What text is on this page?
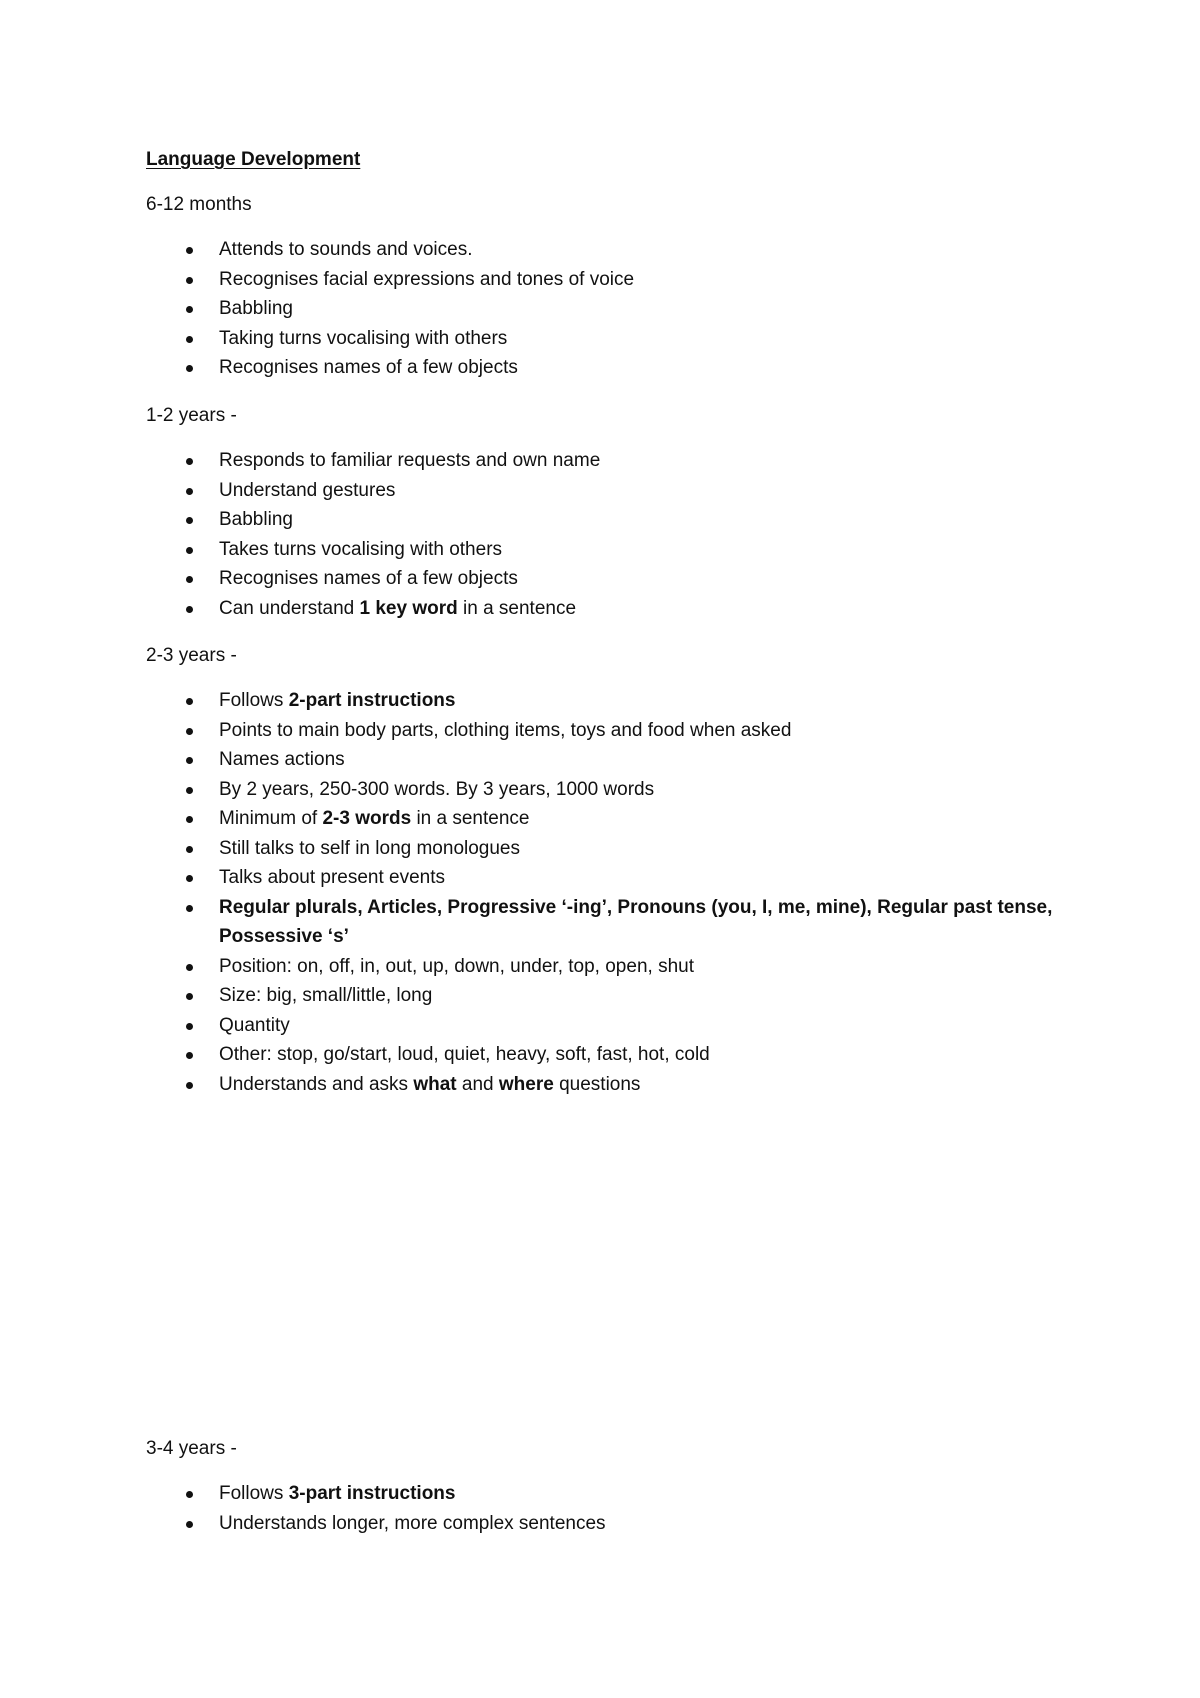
Language Development

6-12 months

Attends to sounds and voices.
Recognises facial expressions and tones of voice
Babbling
Taking turns vocalising with others
Recognises names of a few objects

1-2 years -

Responds to familiar requests and own name
Understand gestures
Babbling
Takes turns vocalising with others
Recognises names of a few objects
Can understand 1 key word in a sentence

2-3 years -

Follows 2-part instructions
Points to main body parts, clothing items, toys and food when asked
Names actions
By 2 years, 250-300 words. By 3 years, 1000 words
Minimum of 2-3 words in a sentence
Still talks to self in long monologues
Talks about present events
Regular plurals, Articles, Progressive ‘-ing’, Pronouns (you, I, me, mine), Regular past tense, Possessive ‘s’
Position: on, off, in, out, up, down, under, top, open, shut
Size: big, small/little, long
Quantity
Other: stop, go/start, loud, quiet, heavy, soft, fast, hot, cold
Understands and asks what and where questions

3-4 years -

Follows 3-part instructions
Understands longer, more complex sentences
